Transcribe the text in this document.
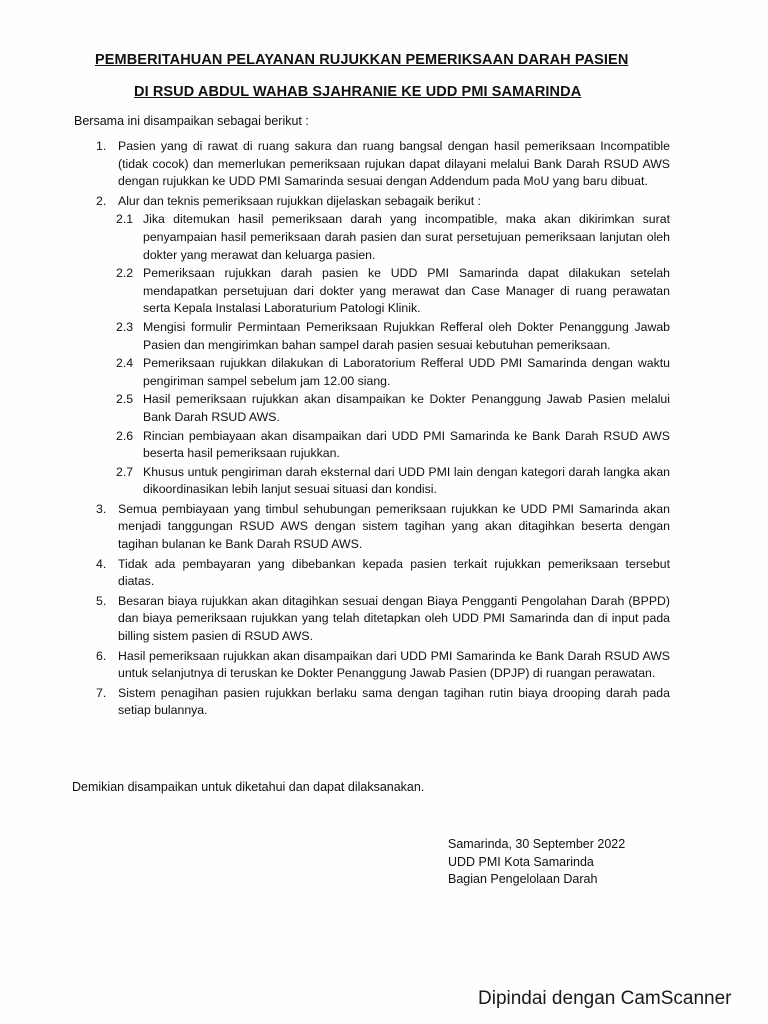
PEMBERITAHUAN PELAYANAN RUJUKKAN PEMERIKSAAN DARAH PASIEN
DI RSUD ABDUL WAHAB SJAHRANIE KE UDD PMI SAMARINDA
Bersama ini disampaikan sebagai berikut :
1. Pasien yang di rawat di ruang sakura dan ruang bangsal dengan hasil pemeriksaan Incompatible (tidak cocok) dan memerlukan pemeriksaan rujukan dapat dilayani melalui Bank Darah RSUD AWS dengan rujukkan ke UDD PMI Samarinda sesuai dengan Addendum pada MoU yang baru dibuat.
2. Alur dan teknis pemeriksaan rujukkan dijelaskan sebagaik berikut :
2.1 Jika ditemukan hasil pemeriksaan darah yang incompatible, maka akan dikirimkan surat penyampaian hasil pemeriksaan darah pasien dan surat persetujuan pemeriksaan lanjutan oleh dokter yang merawat dan keluarga pasien.
2.2 Pemeriksaan rujukkan darah pasien ke UDD PMI Samarinda dapat dilakukan setelah mendapatkan persetujuan dari dokter yang merawat dan Case Manager di ruang perawatan serta Kepala Instalasi Laboraturium Patologi Klinik.
2.3 Mengisi formulir Permintaan Pemeriksaan Rujukkan Refferal oleh Dokter Penanggung Jawab Pasien dan mengirimkan bahan sampel darah pasien sesuai kebutuhan pemeriksaan.
2.4 Pemeriksaan rujukkan dilakukan di Laboratorium Refferal UDD PMI Samarinda dengan waktu pengiriman sampel sebelum jam 12.00 siang.
2.5 Hasil pemeriksaan rujukkan akan disampaikan ke Dokter Penanggung Jawab Pasien melalui Bank Darah RSUD AWS.
2.6 Rincian pembiayaan akan disampaikan dari UDD PMI Samarinda ke Bank Darah RSUD AWS beserta hasil pemeriksaan rujukkan.
2.7 Khusus untuk pengiriman darah eksternal dari UDD PMI lain dengan kategori darah langka akan dikoordinasikan lebih lanjut sesuai situasi dan kondisi.
3. Semua pembiayaan yang timbul sehubungan pemeriksaan rujukkan ke UDD PMI Samarinda akan menjadi tanggungan RSUD AWS dengan sistem tagihan yang akan ditagihkan beserta dengan tagihan bulanan ke Bank Darah RSUD AWS.
4. Tidak ada pembayaran yang dibebankan kepada pasien terkait rujukkan pemeriksaan tersebut diatas.
5. Besaran biaya rujukkan akan ditagihkan sesuai dengan Biaya Pengganti Pengolahan Darah (BPPD) dan biaya pemeriksaan rujukkan yang telah ditetapkan oleh UDD PMI Samarinda dan di input pada billing sistem pasien di RSUD AWS.
6. Hasil pemeriksaan rujukkan akan disampaikan dari UDD PMI Samarinda ke Bank Darah RSUD AWS untuk selanjutnya di teruskan ke Dokter Penanggung Jawab Pasien (DPJP) di ruangan perawatan.
7. Sistem penagihan pasien rujukkan berlaku sama dengan tagihan rutin biaya drooping darah pada setiap bulannya.
Demikian disampaikan untuk diketahui dan dapat dilaksanakan.
Samarinda, 30 September 2022
UDD PMI Kota Samarinda
Bagian Pengelolaan Darah
Dipindai dengan CamScanner
